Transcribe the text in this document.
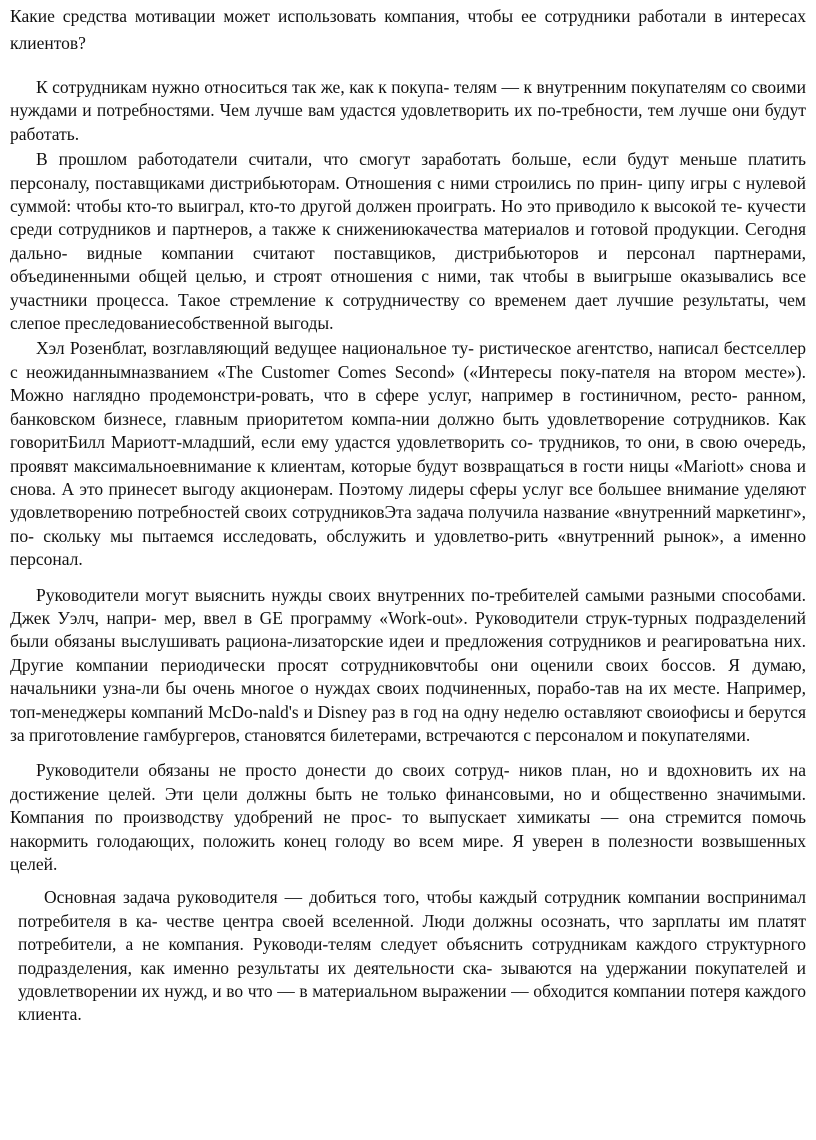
Какие средства мотивации может использовать компания, чтобы ее сотрудники работали в интересах клиентов?

К сотрудникам нужно относиться так же, как к покупа- телям — к внутренним покупателям со своими нуждами и потребностями. Чем лучше вам удастся удовлетворить их по-требности, тем лучше они будут работать.

В прошлом работодатели считали, что смогут заработать больше, если будут меньше платить персоналу, поставщиками дистрибьюторам. Отношения с ними строились по прин- ципу игры с нулевой суммой: чтобы кто-то выиграл, кто-то другой должен проиграть. Но это приводило к высокой те- кучести среди сотрудников и партнеров, а также к снижениюкачества материалов и готовой продукции. Сегодня дально- видные компании считают поставщиков, дистрибьюторов и персонал партнерами, объединенными общей целью, и строят отношения с ними, так чтобы в выигрыше оказывались все участники процесса. Такое стремление к сотрудничеству со временем дает лучшие результаты, чем слепое преследованиесобственной выгоды.

Хэл Розенблат, возглавляющий ведущее национальное ту- ристическое агентство, написал бестселлер с неожиданнымназванием «The Customer Comes Second» («Интересы поку-пателя на втором месте»). Можно наглядно продемонстри-ровать, что в сфере услуг, например в гостиничном, ресто- ранном, банковском бизнесе, главным приоритетом компа-нии должно быть удовлетворение сотрудников. Как говоритБилл Мариотт-младший, если ему удастся удовлетворить со- трудников, то они, в свою очередь, проявят максимальноевнимание к клиентам, которые будут возвращаться в гости ницы «Mariott» снова и снова. А это принесет выгоду акционерам. Поэтому лидеры сферы услуг все большее внимание уделяют удовлетворению потребностей своих сотрудниковЭта задача получила название «внутренний маркетинг», по- скольку мы пытаемся исследовать, обслужить и удовлетво-рить «внутренний рынок», а именно персонал.

Руководители могут выяснить нужды своих внутренних по-требителей самыми разными способами. Джек Уэлч, напри- мер, ввел в GE программу «Work-out». Руководители струк-турных подразделений были обязаны выслушивать рациона-лизаторские идеи и предложения сотрудников и реагироватьна них. Другие компании периодически просят сотрудниковчтобы они оценили своих боссов. Я думаю, начальники узна-ли бы очень многое о нуждах своих подчиненных, порабо-тав на их месте. Например, топ-менеджеры компаний McDo-nald's и Disney раз в год на одну неделю оставляют своиофисы и берутся за приготовление гамбургеров, становятся билетерами, встречаются с персоналом и покупателями.

Руководители обязаны не просто донести до своих сотруд- ников план, но и вдохновить их на достижение целей. Эти цели должны быть не только финансовыми, но и общественно значимыми. Компания по производству удобрений не прос- то выпускает химикаты — она стремится помочь накормить голодающих, положить конец голоду во всем мире. Я уверен в полезности возвышенных целей.

Основная задача руководителя — добиться того, чтобы каждый сотрудник компании воспринимал потребителя в ка- честве центра своей вселенной. Люди должны осознать, что зарплаты им платят потребители, а не компания. Руководи-телям следует объяснить сотрудникам каждого структурного подразделения, как именно результаты их деятельности ска- зываются на удержании покупателей и удовлетворении их нужд, и во что — в материальном выражении — обходится компании потеря каждого клиента.
